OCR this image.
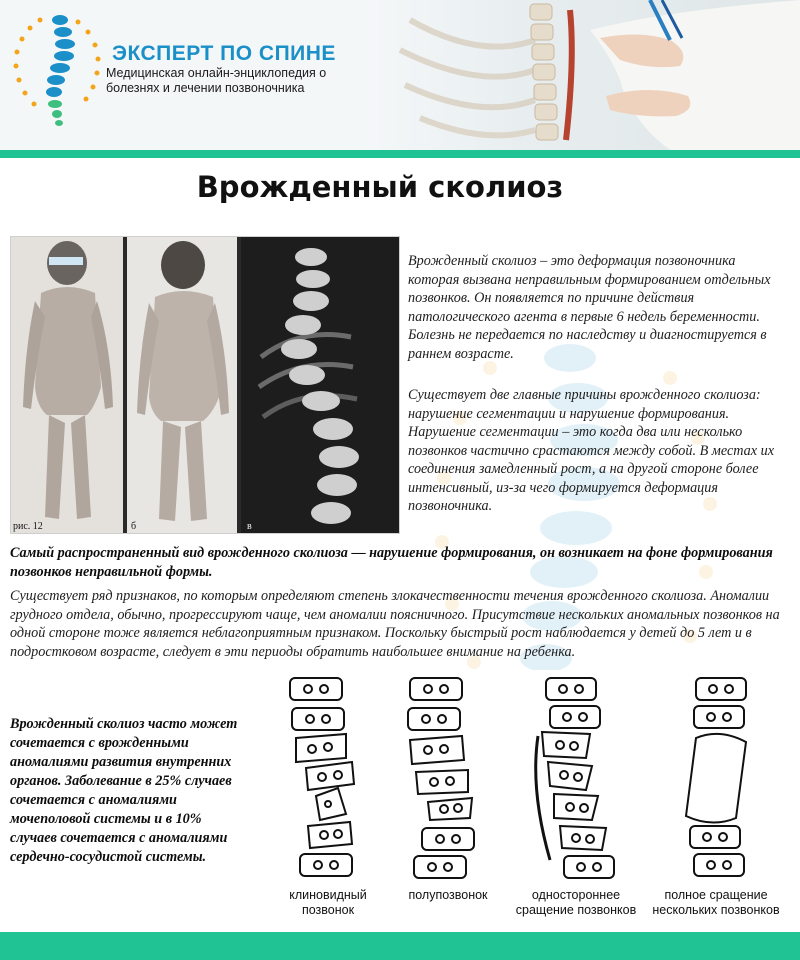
ЭКСПЕРТ ПО СПИНЕ
Медицинская онлайн-энциклопедия о болезнях и лечении позвоночника
Врожденный сколиоз
рис. 12	б	в

Врожденный сколиоз – это деформация позвоночника которая вызвана неправильным формированием отдельных позвонков. Он появляется по причине действия патологического агента в первые 6 недель беременности. Болезнь не передается по наследству и диагностируется в раннем возрасте.

Существует две главные причины врожденного сколиоза: нарушение сегментации и нарушение формирования. Нарушение сегментации – это когда два или несколько позвонков частично срастаются между собой. В местах их соединения замедленный рост, а на другой стороне более интенсивный, из-за чего формируется деформация позвоночника.

Самый распространенный вид врожденного сколиоза — нарушение формирования, он возникает на фоне формирования позвонков неправильной формы.

Существует ряд признаков, по которым определяют степень злокачественности течения врожденного сколиоза. Аномалии грудного отдела, обычно, прогрессируют чаще, чем аномалии поясничного. Присутствие нескольких аномальных позвонков на одной стороне тоже является неблагоприятным признаком. Поскольку быстрый рост наблюдается у детей до 5 лет и в подростковом возрасте, следует в эти периоды обратить наибольшее внимание на ребенка.

Врожденный сколиоз часто может сочетается с врожденными аномалиями развития внутренних органов. Заболевание в 25% случаев сочетается с аномалиями мочеполовой системы и в 10% случаев сочетается с аномалиями сердечно-сосудистой системы.

клиновидный позвонок
полупозвонок	одностороннее сращение позвонков
полное сращение нескольких позвонков
